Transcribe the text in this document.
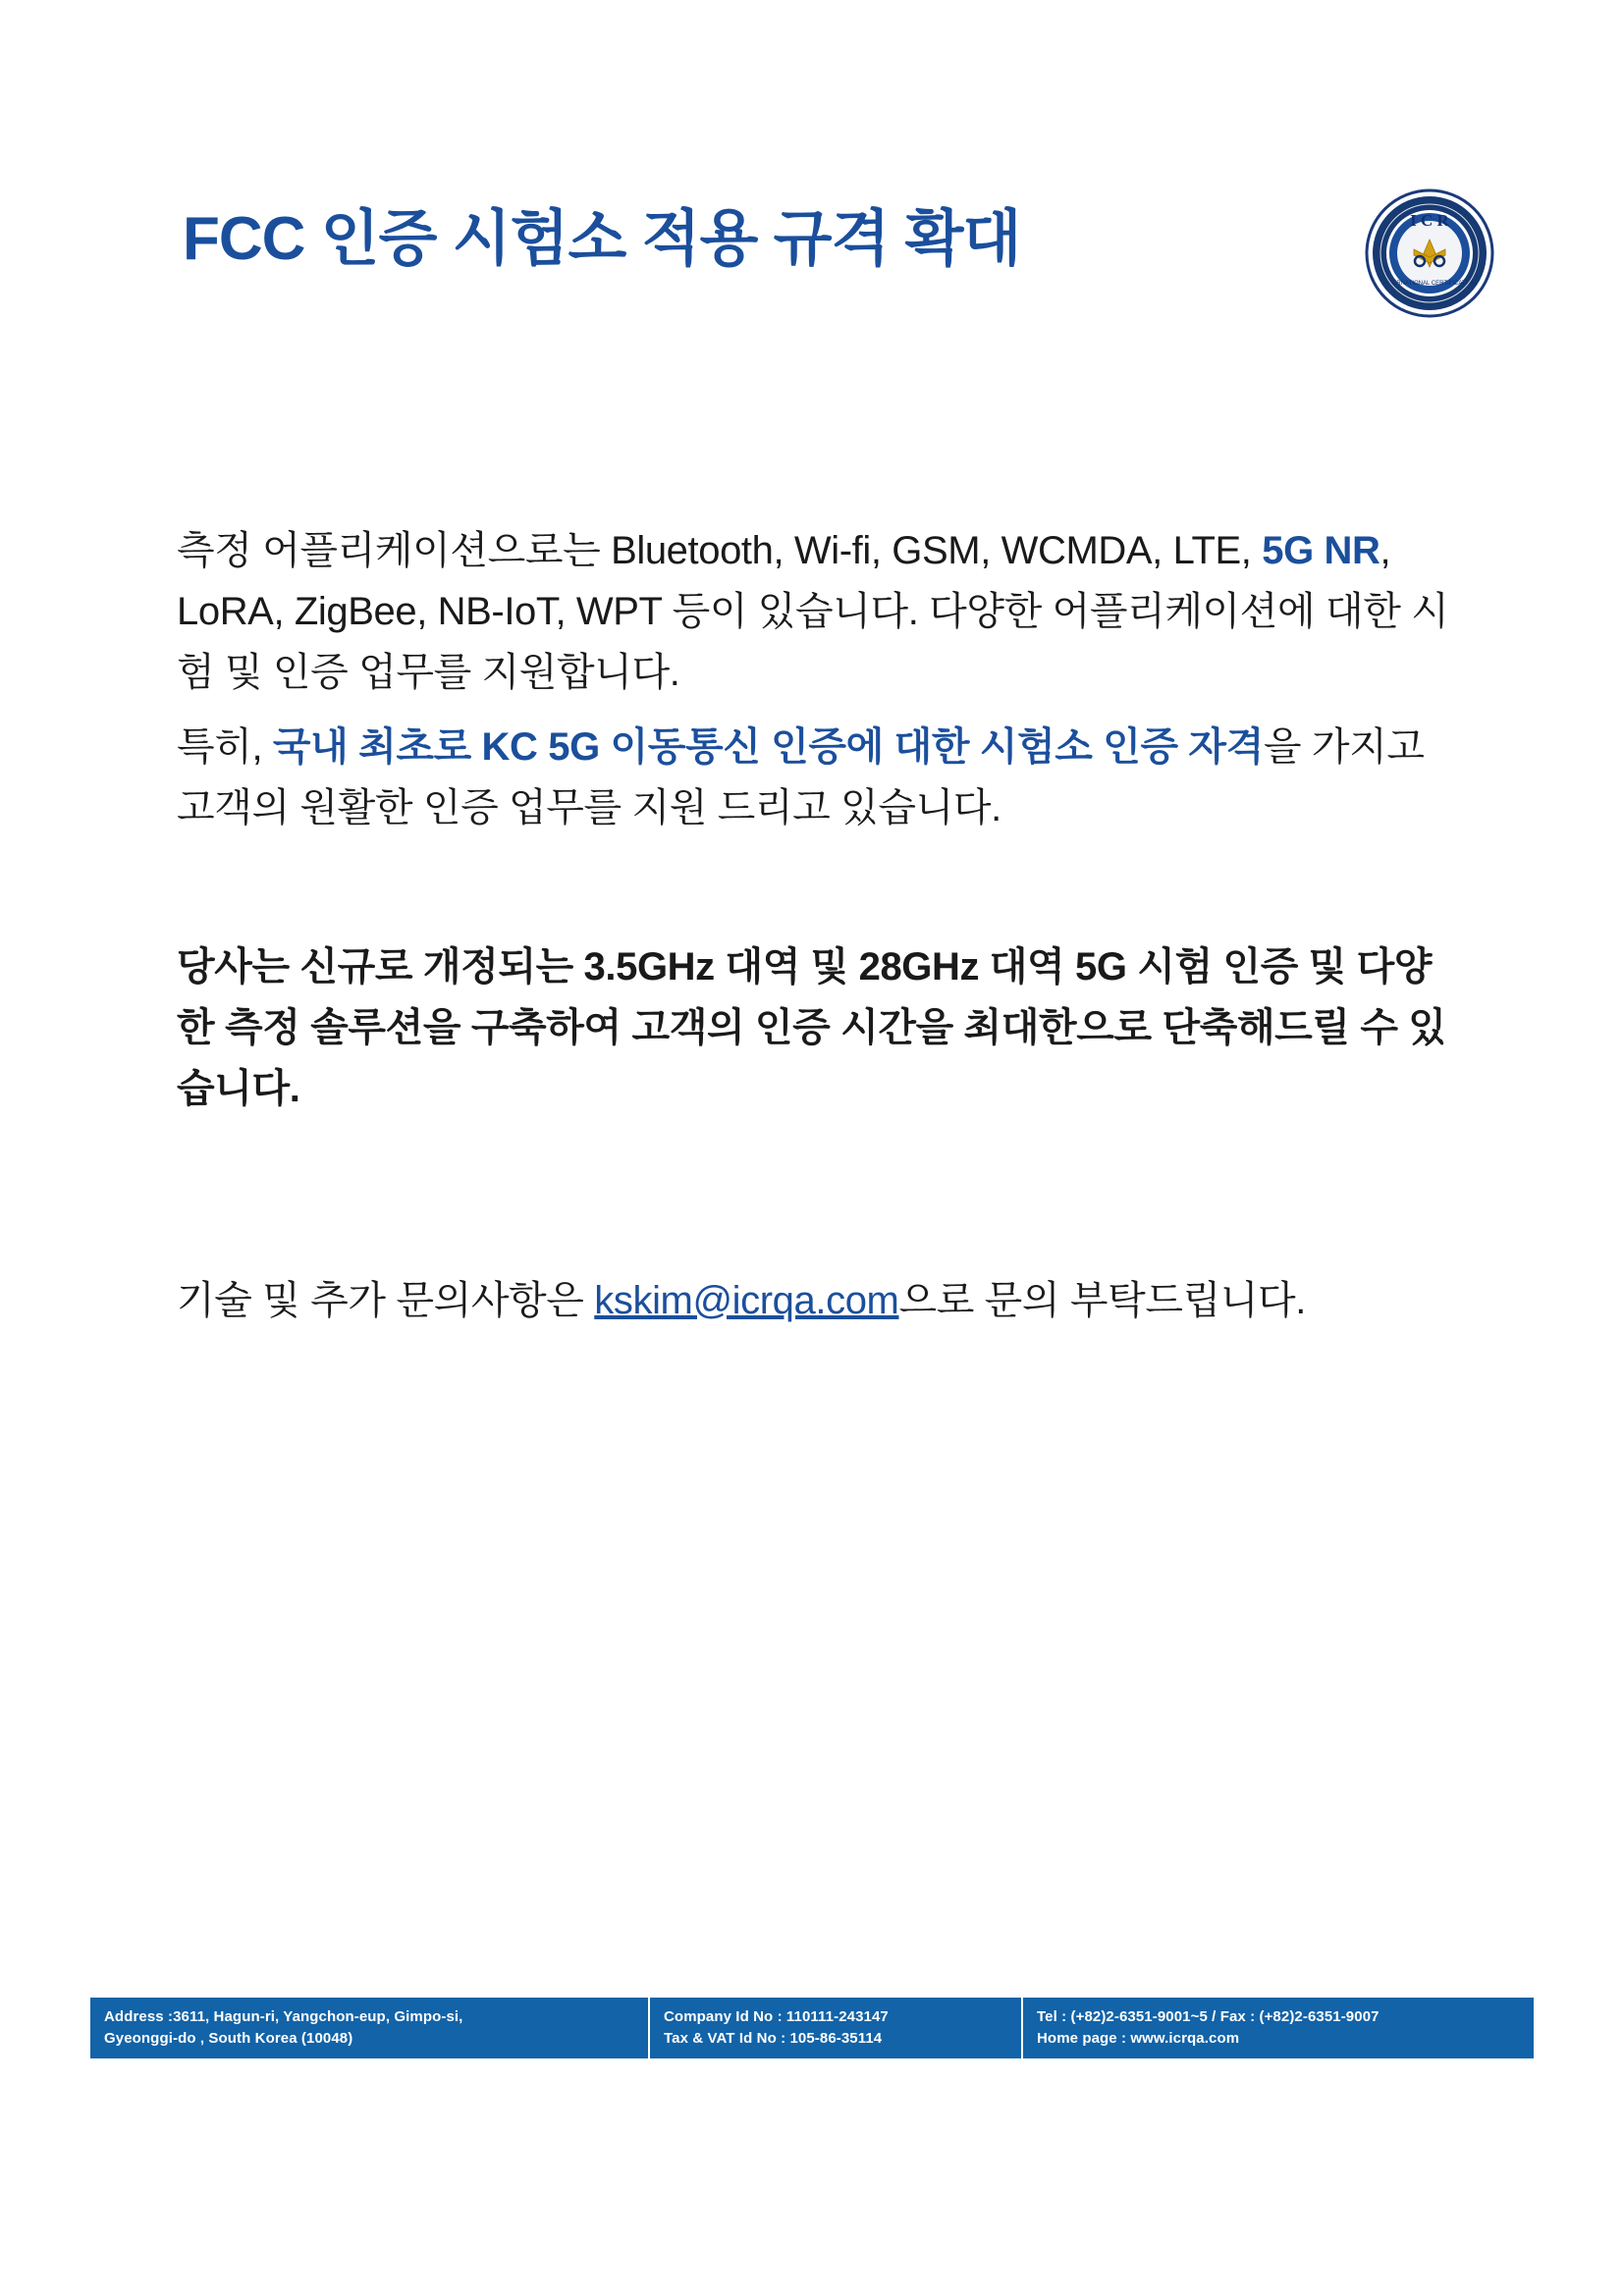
FCC 인증 시험소 적용 규격 확대	I C R
INTERNATIONAL CERTIFICATION

측정 어플리케이션으로는 Bluetooth, Wi-fi, GSM, WCMDA, LTE, 5G NR, LoRA, ZigBee, NB-IoT, WPT 등이 있습니다. 다양한 어플리케이션에 대한 시험 및 인증 업무를 지원합니다.

특히, 국내 최초로 KC 5G 이동통신 인증에 대한 시험소 인증 자격을 가지고 고객의 원활한 인증 업무를 지원 드리고 있습니다.

당사는 신규로 개정되는 3.5GHz 대역 및 28GHz 대역 5G 시험 인증 및 다양한 측정 솔루션을 구축하여 고객의 인증 시간을 최대한으로 단축해드릴 수 있습니다.

기술 및 추가 문의사항은 kskim@icrqa.com으로 문의 부탁드립니다.

Address :3611, Hagun-ri, Yangchon-eup, Gimpo-si,
Gyeonggi-do , South Korea (10048)
Company Id No : 110111-243147
Tax & VAT Id No : 105-86-35114
Tel : (+82)2-6351-9001~5 / Fax : (+82)2-6351-9007
Home page : www.icrqa.com
